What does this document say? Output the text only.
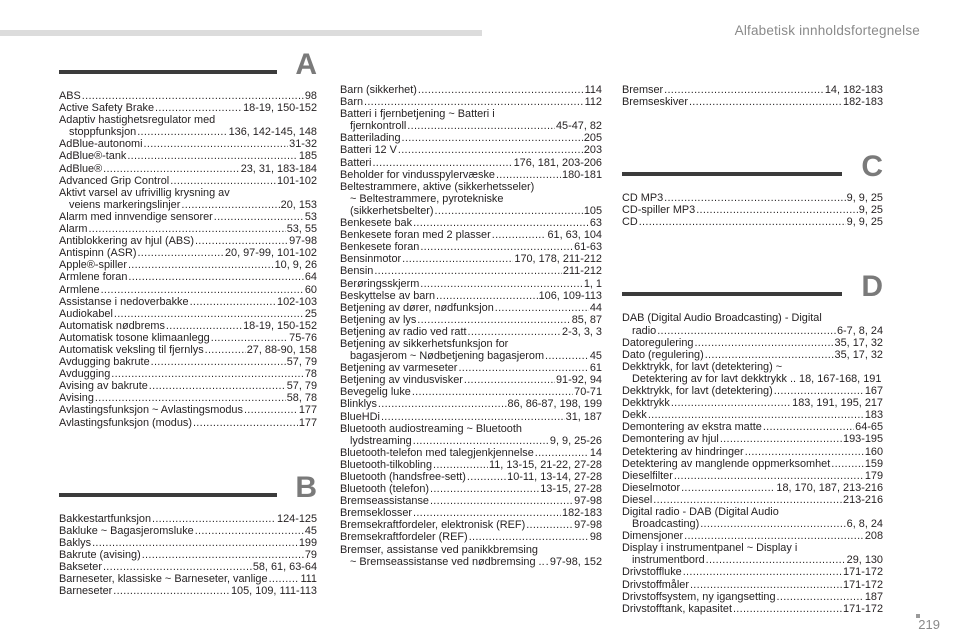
Alfabetisk innholdsfortegnelse
A
ABS .....	98
Active Safety Brake .....	18-19, 150-152
Adaptiv hastighetsregulator med
stoppfunksjon .....	136, 142-145, 148
AdBlue-autonomi .....	31-32
AdBlue®-tank .....	185
AdBlue® .....	23, 31, 183-184
Advanced Grip Control .....	101-102
Aktivt varsel av ufrivillig krysning av
veiens markeringslinjer .....	20, 153
Alarm med innvendige sensorer .....	53
Alarm .....	53, 55
Antiblokkering av hjul (ABS) .....	97-98
Antispinn (ASR) .....	20, 97-99, 101-102
Apple®-spiller .....	10, 9, 26
Armlene foran .....	64
Armlene .....	60
Assistanse i nedoverbakke .....	102-103
Audiokabel .....	25
Automatisk nødbrems .....	18-19, 150-152
Automatisk tosone klimaanlegg .....	75-76
Automatisk veksling til fjernlys .....	27, 88-90, 158
Avdugging bakrute .....	57, 79
Avdugging .....	78
Avising av bakrute .....	57, 79
Avising .....	58, 78
Avlastingsfunksjon ~ Avlastingsmodus .....	177
Avlastingsfunksjon (modus) .....	177
B
Bakkestartfunksjon .....	124-125
Bakluke ~ Bagasjeromsluke .....	45
Baklys .....	199
Bakrute (avising) .....	79
Bakseter .....	58, 61, 63-64
Barneseter, klassiske ~ Barneseter, vanlige .....	111
Barneseter .....	105, 109, 111-113
Barn (sikkerhet) .....	114
Barn .....	112
Batteri i fjernbetjening ~ Batteri i
fjernkontroll .....	45-47, 82
Batterilading .....	205
Batteri 12 V .....	203
Batteri .....	176, 181, 203-206
Beholder for vindusspylervæske .....	180-181
Beltestrammere, aktive (sikkerhetsseler)
~ Beltestrammere, pyrotekniske
(sikkerhetsbelter) .....	105
Benkesete bak .....	63
Benkesete foran med 2 plasser .....	61, 63, 104
Benkesete foran .....	61-63
Bensinmotor .....	170, 178, 211-212
Bensin .....	211-212
Berøringsskjerm .....	1, 1
Beskyttelse av barn .....	106, 109-113
Betjening av dører, nødfunksjon .....	44
Betjening av lys .....	85, 87
Betjening av radio ved ratt .....	2-3, 3, 3
Betjening av sikkerhetsfunksjon for
bagasjerom ~ Nødbetjening bagasjerom .....	45
Betjening av varmeseter .....	61
Betjening av vindusvisker .....	91-92, 94
Bevegelig luke .....	70-71
Blinklys .....	86, 86-87, 198, 199
BlueHDi .....	31, 187
Bluetooth audiostreaming ~ Bluetooth
lydstreaming .....	9, 9, 25-26
Bluetooth-telefon med talegjenkjennelse .....	14
Bluetooth-tilkobling .....	11, 13-15, 21-22, 27-28
Bluetooth (handsfree-sett) .....	10-11, 13-14, 27-28
Bluetooth (telefon) .....	13-15, 27-28
Bremseassistanse .....	97-98
Bremseklosser .....	182-183
Bremsekraftfordeler, elektronisk (REF) .....	97-98
Bremsekraftfordeler (REF) .....	98
Bremser, assistanse ved panikkbremsing
~ Bremseassistanse ved nødbremsing .. ..... 97-98, 152
Bremser .....	14, 182-183
Bremseskiver .....	182-183
C
CD MP3 .....	9, 9, 25
CD-spiller MP3 .....	9, 25
CD .....	9, 9, 25
D
DAB (Digital Audio Broadcasting) - Digital
radio .....	6-7, 8, 24
Datoregulering .....	35, 17, 32
Dato (regulering) .....	35, 17, 32
Dekktrykk, for lavt (detektering) ~
Detektering av for lavt dekktrykk .. 18, 167-168, 191
Dekktrykk, for lavt (detektering) .....	167
Dekktrykk .....	183, 191, 195, 217
Dekk .....	183
Demontering av ekstra matte .....	64-65
Demontering av hjul .....	193-195
Detektering av hindringer .....	160
Detektering av manglende oppmerksomhet .....	159
Dieselfilter .....	179
Dieselmotor .....	18, 170, 187, 213-216
Diesel .....	213-216
Digital radio - DAB (Digital Audio
Broadcasting) .....	6, 8, 24
Dimensjoner .....	208
Display i instrumentpanel ~ Display i
instrumentbord .....	29, 130
Drivstoffluke .....	171-172
Drivstoffmåler .....	171-172
Drivstoffsystem, ny igangsetting .....	187
Drivstofftank, kapasitet .....	171-172
219
